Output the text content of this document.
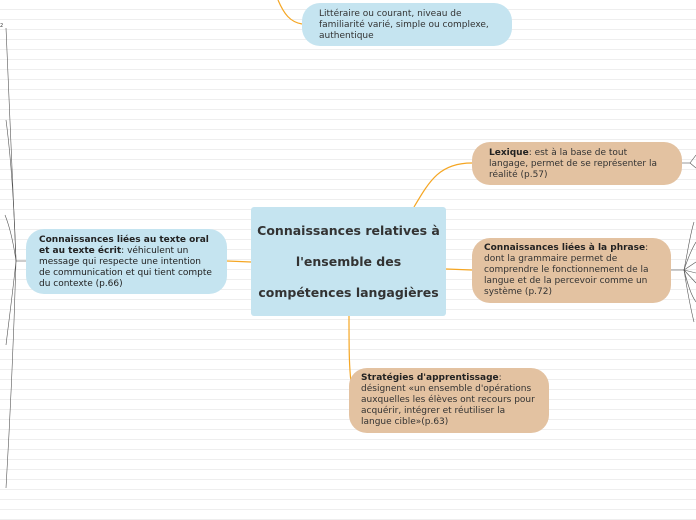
2
Connaissances relatives à
l'ensemble des
compétences langagières
Littéraire ou courant, niveau de familiarité varié, simple ou complexe, authentique
Connaissances liées au texte oral et au texte écrit: véhiculent un message qui respecte une intention de communication et qui tient compte du contexte (p.66)
Lexique: est à la base de tout langage, permet de se représenter la réalité (p.57)
Connaissances liées à la phrase: dont la grammaire permet de comprendre le fonctionnement de la langue et de la percevoir comme un système (p.72)
Stratégies d'apprentissage: désignent «un ensemble d'opérations auxquelles les élèves ont recours pour acquérir, intégrer et réutiliser la langue cible»(p.63)
